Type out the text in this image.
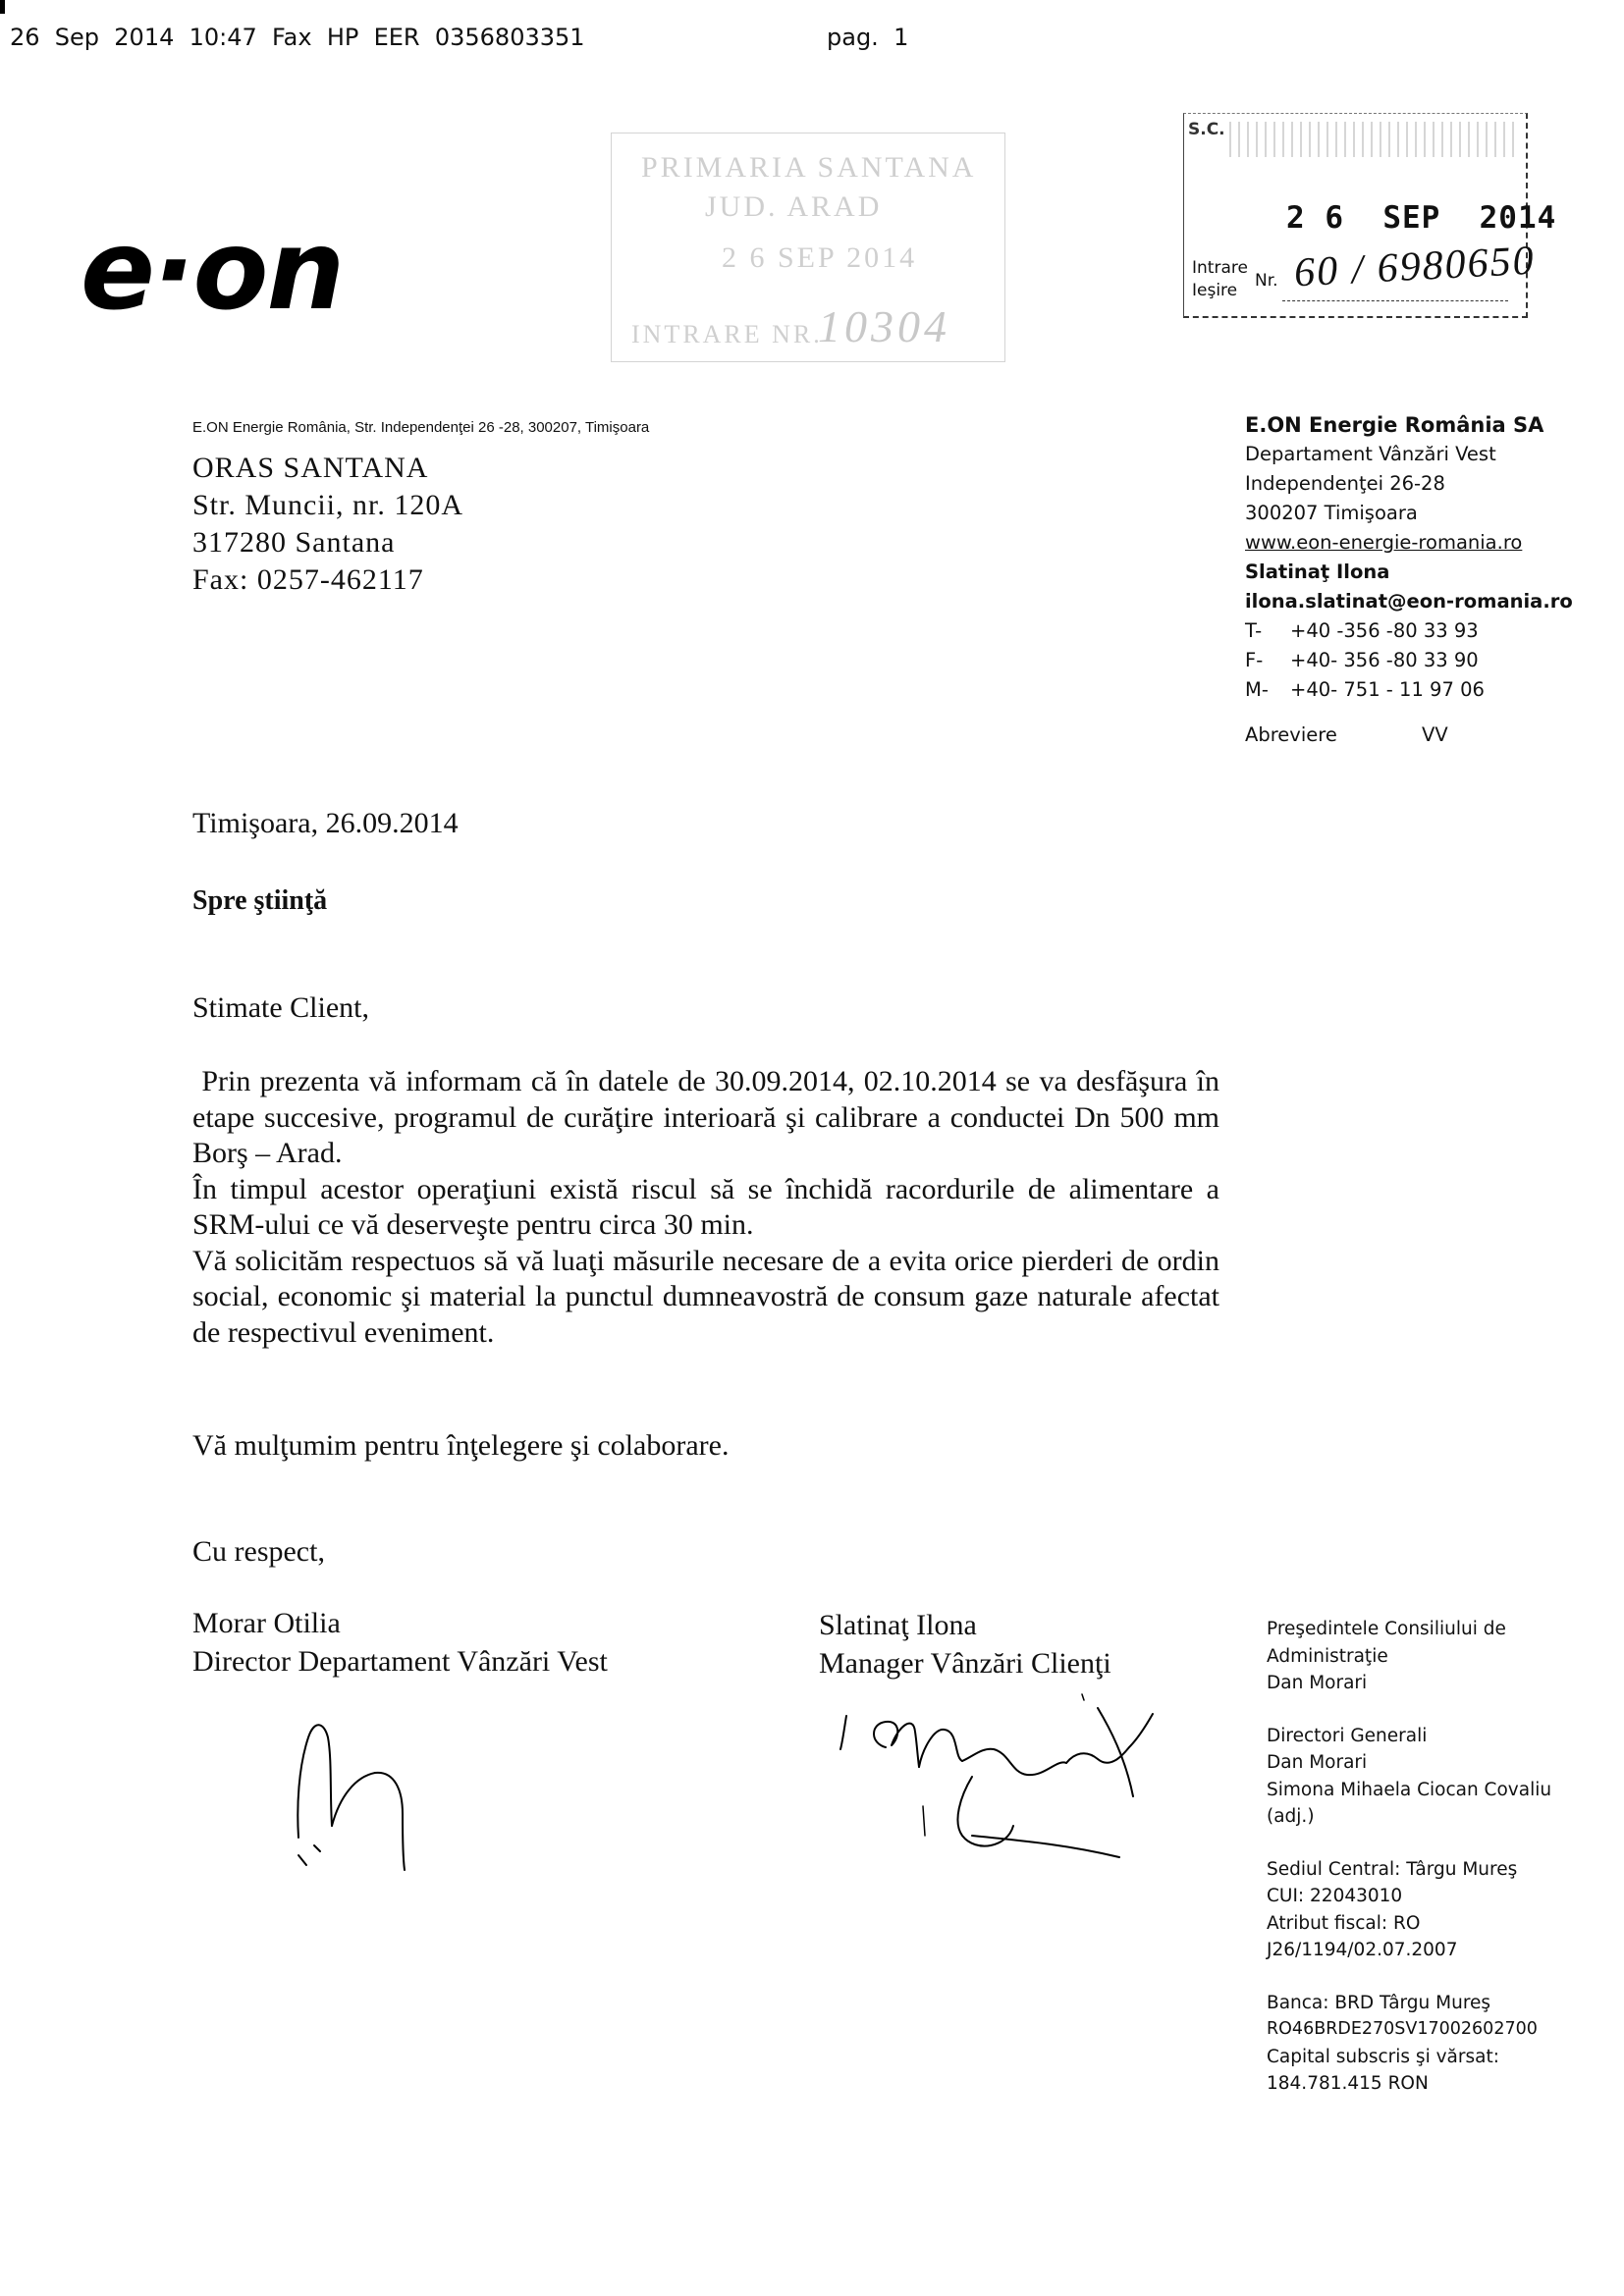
26  Sep  2014  10:47  Fax  HP  EER  0356803351	pag.  1
e·on
PRIMARIA SANTANA
JUD. ARAD
2 6 SEP 2014
INTRARE NR.
10304
S.C.
2 6  SEP  2014
Intrare
Ieşire Nr. 60 / 6980650
E.ON Energie România, Str. Independenţei 26 -28, 300207, Timişoara
ORAS SANTANA
Str. Muncii, nr. 120A
317280 Santana
Fax: 0257-462117
E.ON Energie România SA
Departament Vânzări Vest
Independenţei 26-28
300207 Timişoara
www.eon-energie-romania.ro
Slatinaţ Ilona
ilona.slatinat@eon-romania.ro
T- +40 -356 -80 33 93
F- +40- 356 -80 33 90
M- +40- 751 - 11 97 06
Abreviere	VV
Timişoara, 26.09.2014
Spre ştiinţă
Stimate Client,
Prin prezenta vă informam că în datele de 30.09.2014, 02.10.2014 se va desfăşura în etape succesive, programul de curăţire interioară şi calibrare a conductei Dn 500 mm Borş – Arad.
În timpul acestor operaţiuni există riscul să se închidă racordurile de alimentare a SRM-ului ce vă deserveşte pentru circa 30 min.
Vă solicităm respectuos să vă luaţi măsurile necesare de a evita orice pierderi de ordin social, economic şi material la punctul dumneavostră de consum gaze naturale afectat de respectivul eveniment.
Vă mulţumim pentru înţelegere şi colaborare.
Cu respect,
Morar Otilia
Director Departament Vânzări Vest
Slatinaţ Ilona
Manager Vânzări Clienţi
Preşedintele Consiliului de
Administraţie
Dan Morari
Directori Generali
Dan Morari
Simona Mihaela Ciocan Covaliu
(adj.)
Sediul Central: Târgu Mureş
CUI: 22043010
Atribut fiscal: RO
J26/1194/02.07.2007
Banca: BRD Târgu Mureş
RO46BRDE270SV17002602700
Capital subscris şi vărsat:
184.781.415 RON
